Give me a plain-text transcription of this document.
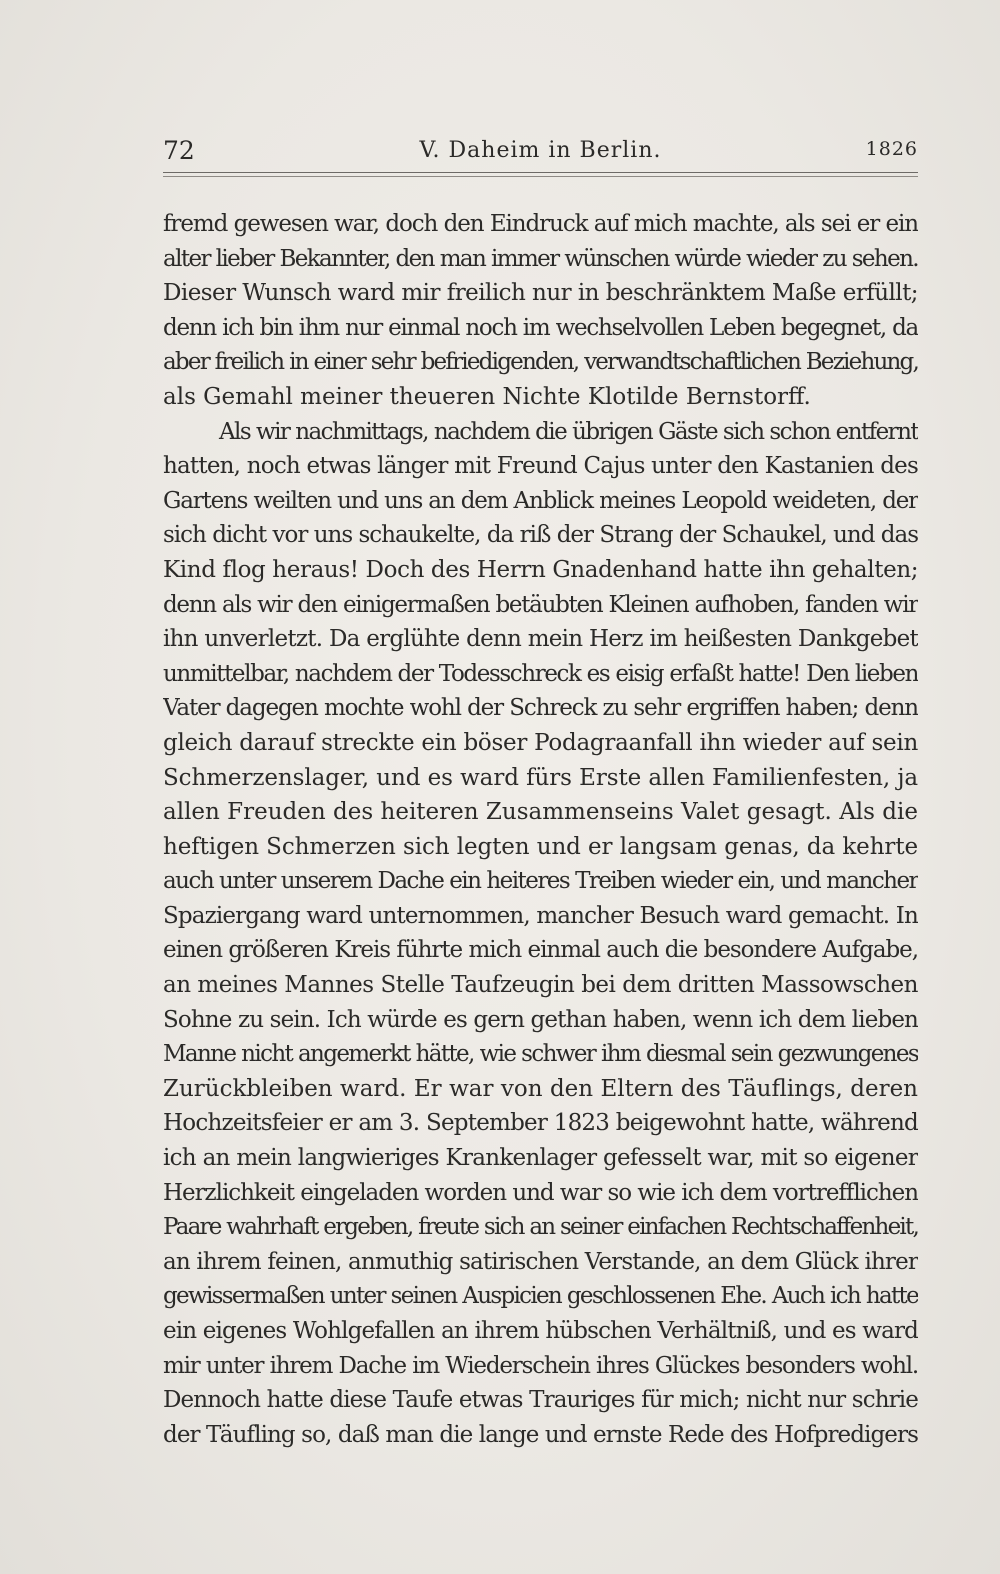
72	V. Daheim in Berlin.	1826
fremd gewesen war, doch den Eindruck auf mich machte, als sei er ein
alter lieber Bekannter, den man immer wünschen würde wieder zu sehen.
Dieser Wunsch ward mir freilich nur in beschränktem Maße erfüllt;
denn ich bin ihm nur einmal noch im wechselvollen Leben begegnet, da
aber freilich in einer sehr befriedigenden, verwandtschaftlichen Beziehung,
als Gemahl meiner theueren Nichte Klotilde Bernstorff.
Als wir nachmittags, nachdem die übrigen Gäste sich schon entfernt
hatten, noch etwas länger mit Freund Cajus unter den Kastanien des
Gartens weilten und uns an dem Anblick meines Leopold weideten, der
sich dicht vor uns schaukelte, da riß der Strang der Schaukel, und das
Kind flog heraus! Doch des Herrn Gnadenhand hatte ihn gehalten;
denn als wir den einigermaßen betäubten Kleinen aufhoben, fanden wir
ihn unverletzt. Da erglühte denn mein Herz im heißesten Dankgebet
unmittelbar, nachdem der Todesschreck es eisig erfaßt hatte! Den lieben
Vater dagegen mochte wohl der Schreck zu sehr ergriffen haben; denn
gleich darauf streckte ein böser Podagraanfall ihn wieder auf sein
Schmerzenslager, und es ward fürs Erste allen Familienfesten, ja
allen Freuden des heiteren Zusammenseins Valet gesagt. Als die
heftigen Schmerzen sich legten und er langsam genas, da kehrte
auch unter unserem Dache ein heiteres Treiben wieder ein, und mancher
Spaziergang ward unternommen, mancher Besuch ward gemacht. In
einen größeren Kreis führte mich einmal auch die besondere Aufgabe,
an meines Mannes Stelle Taufzeugin bei dem dritten Massowschen
Sohne zu sein. Ich würde es gern gethan haben, wenn ich dem lieben
Manne nicht angemerkt hätte, wie schwer ihm diesmal sein gezwungenes
Zurückbleiben ward. Er war von den Eltern des Täuflings, deren
Hochzeitsfeier er am 3. September 1823 beigewohnt hatte, während
ich an mein langwieriges Krankenlager gefesselt war, mit so eigener
Herzlichkeit eingeladen worden und war so wie ich dem vortrefflichen
Paare wahrhaft ergeben, freute sich an seiner einfachen Rechtschaffenheit,
an ihrem feinen, anmuthig satirischen Verstande, an dem Glück ihrer
gewissermaßen unter seinen Auspicien geschlossenen Ehe. Auch ich hatte
ein eigenes Wohlgefallen an ihrem hübschen Verhältniß, und es ward
mir unter ihrem Dache im Wiederschein ihres Glückes besonders wohl.
Dennoch hatte diese Taufe etwas Trauriges für mich; nicht nur schrie
der Täufling so, daß man die lange und ernste Rede des Hofpredigers
